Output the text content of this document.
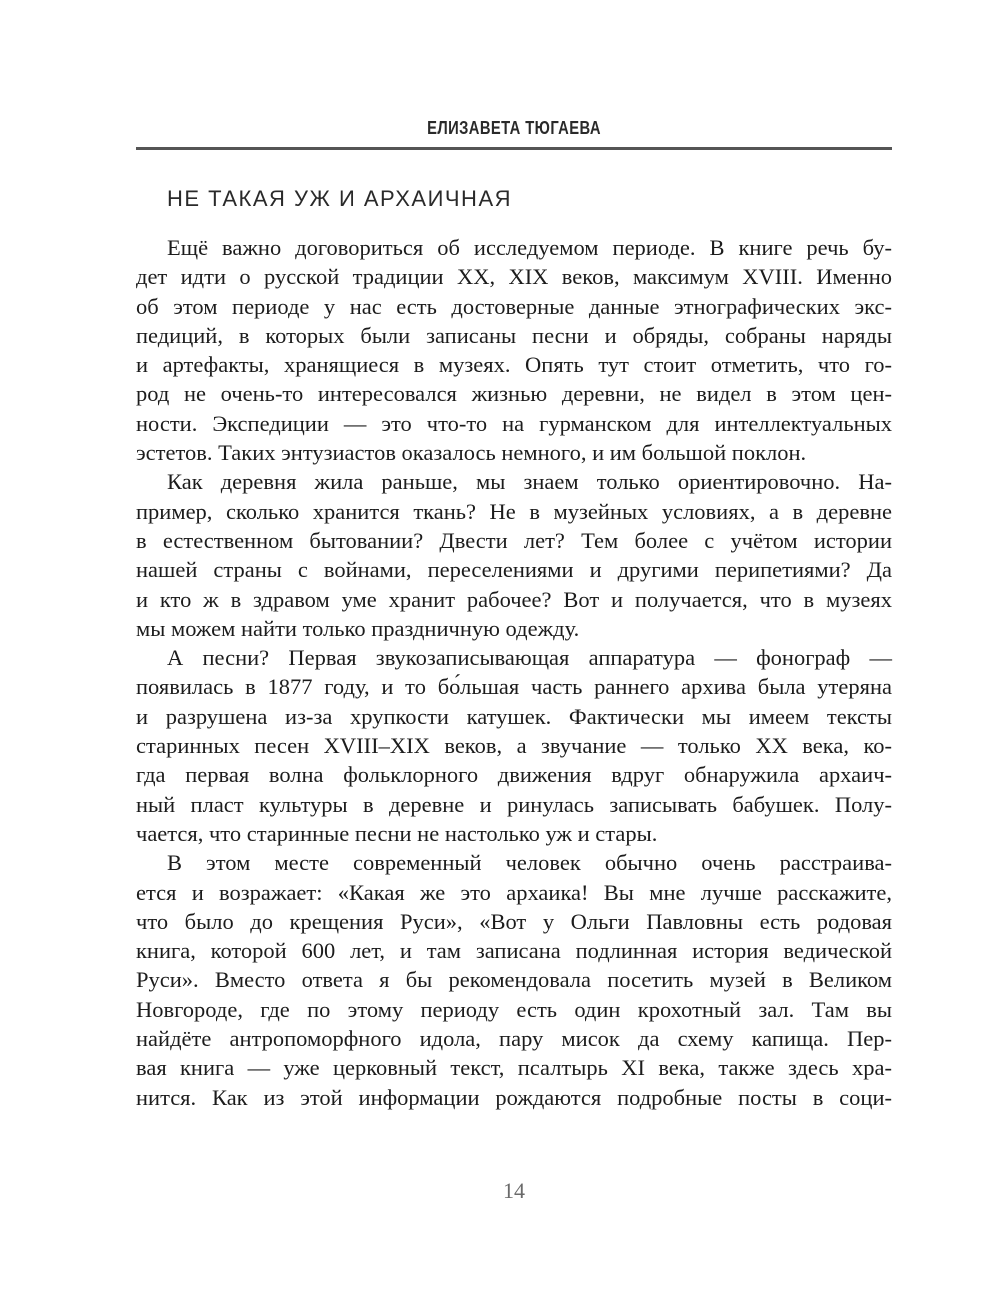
ЕЛИЗАВЕТА ТЮГАЕВА
НЕ ТАКАЯ УЖ И АРХАИЧНАЯ

Ещё важно договориться об исследуемом периоде. В книге речь бу-
дет идти о русской традиции XX, XIX веков, максимум XVIII. Именно
об этом периоде у нас есть достоверные данные этнографических экс-
педиций, в которых были записаны песни и обряды, собраны наряды
и артефакты, хранящиеся в музеях. Опять тут стоит отметить, что го-
род не очень-то интересовался жизнью деревни, не видел в этом цен-
ности. Экспедиции — это что-то на гурманском для интеллектуальных
эстетов. Таких энтузиастов оказалось немного, и им большой поклон.

Как деревня жила раньше, мы знаем только ориентировочно. На-
пример, сколько хранится ткань? Не в музейных условиях, а в деревне
в естественном бытовании? Двести лет? Тем более с учётом истории
нашей страны с войнами, переселениями и другими перипетиями? Да
и кто ж в здравом уме хранит рабочее? Вот и получается, что в музеях
мы можем найти только праздничную одежду.

А песни? Первая звукозаписывающая аппаратура — фонограф —
появилась в 1877 году, и то бо́льшая часть раннего архива была утеряна
и разрушена из-за хрупкости катушек. Фактически мы имеем тексты
старинных песен XVIII–XIX веков, а звучание — только XX века, ко-
гда первая волна фольклорного движения вдруг обнаружила архаич-
ный пласт культуры в деревне и ринулась записывать бабушек. Полу-
чается, что старинные песни не настолько уж и стары.

В этом месте современный человек обычно очень расстраива-
ется и возражает: «Какая же это архаика! Вы мне лучше расскажите,
что было до крещения Руси», «Вот у Ольги Павловны есть родовая
книга, которой 600 лет, и там записана подлинная история ведической
Руси». Вместо ответа я бы рекомендовала посетить музей в Великом
Новгороде, где по этому периоду есть один крохотный зал. Там вы
найдёте антропоморфного идола, пару мисок да схему капища. Пер-
вая книга — уже церковный текст, псалтырь XI века, также здесь хра-
нится. Как из этой информации рождаются подробные посты в соци-

14
